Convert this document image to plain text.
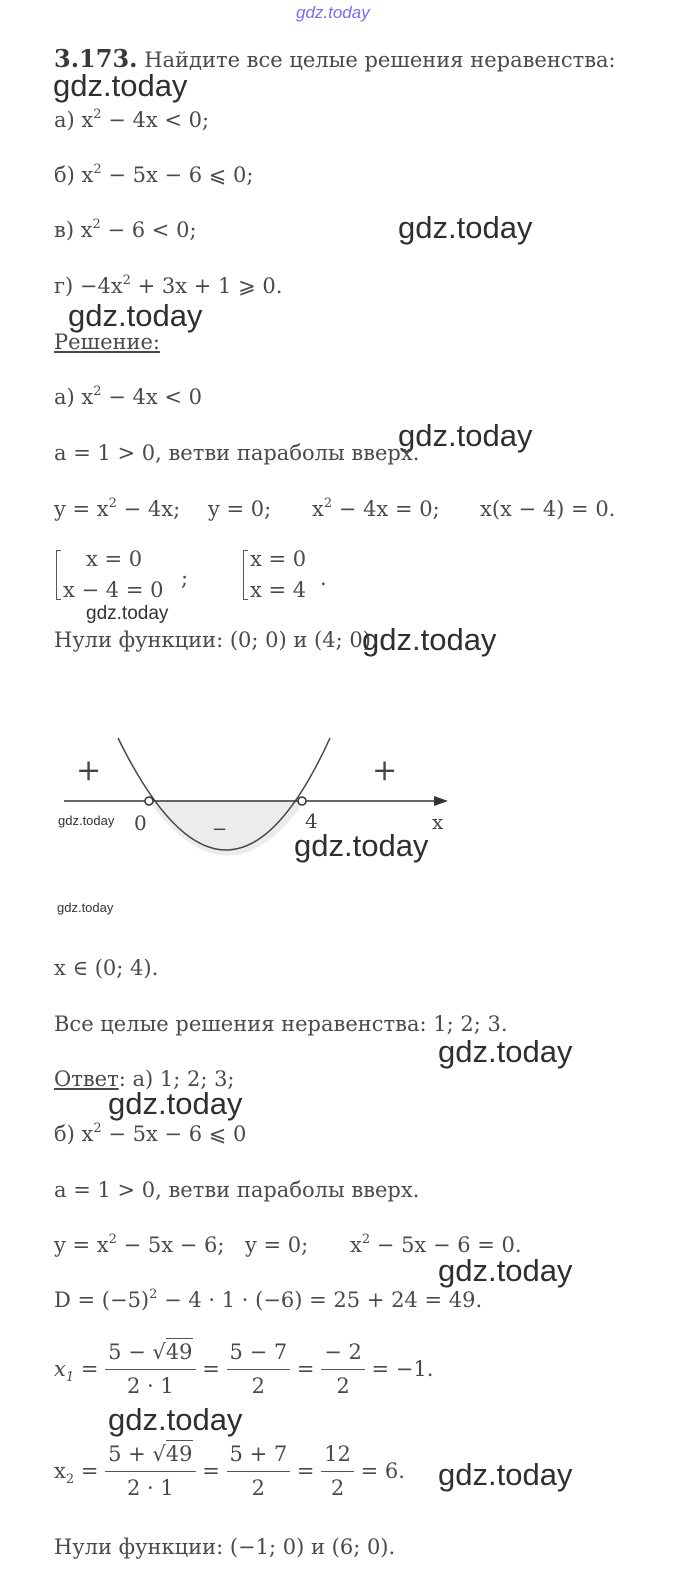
gdz.today
3.173. Найдите все целые решения неравенства:
gdz.today
а) $x^2 - 4x < 0$;
б) $x^2 - 5x - 6$ ⩽ 0;
в) $x^2 - 6 < 0$;	gdz.today
$г) -4x^2 + 3x + 1$ ⩾ 0.
gdz.today
Решение:
а) $x^2 - 4x < 0$
gdz.today
a = 1 > 0, ветви параболы вверх.
$y = x^2 - 4x$; y = 0; $x^2 - 4x = 0$; x(x − 4) = 0.
x = 0
x − 4 = 0 ;
x = 0
x = 4 .
gdz.today
Нули функции: (0; 0) и (4; 0).
gdz.today
+	+
−
0	4	x
gdz.today
gdz.today
gdz.today
x ∈ (0; 4).
Все целые решения неравенства: 1; 2; 3.
gdz.today
Ответ: а) 1; 2; 3;
gdz.today
б) $x^2 - 5x - 6$ ⩽ 0
a = 1 > 0, ветви параболы вверх.
$y = x^2 - 5x - 6$; y = 0; $x^2 - 5x - 6 = 0$.
gdz.today
$D = (-5)^2 - 4 \cdot 1 \cdot (-6) = 25 + 24 = 49$.
$x_1 = \frac{5 - √49}{2 \cdot 1} = \frac{5 - 7}{2} = \frac{- 2}{2} = -1$.
gdz.today
$x_2 = \frac{5 + √49}{2 \cdot 1} = \frac{5 + 7}{2} = \frac{12}{2} = 6$. gdz.today
Нули функции: (−1; 0) и (6; 0).
